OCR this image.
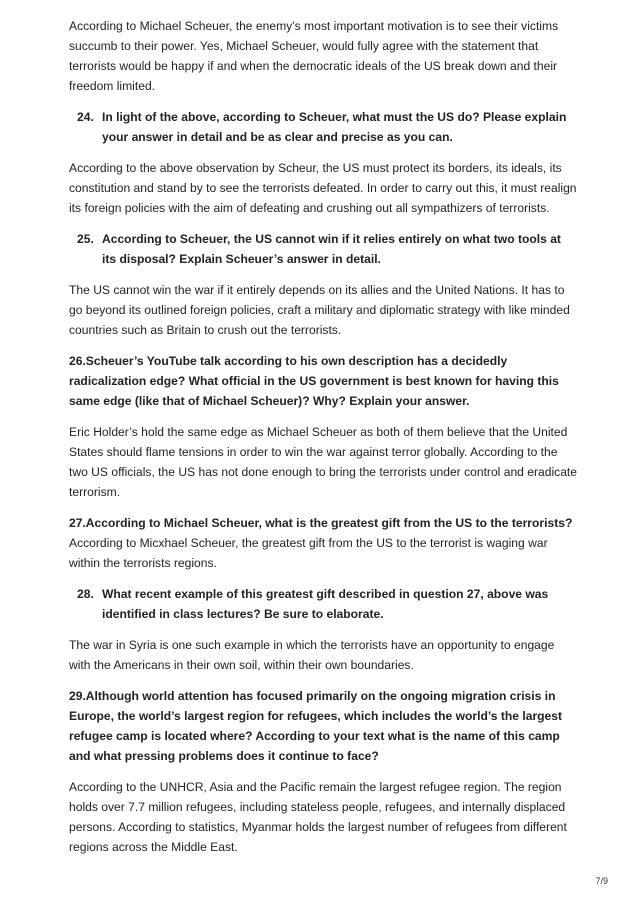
According to Michael Scheuer, the enemy’s most important motivation is to see their victims succumb to their power. Yes, Michael Scheuer, would fully agree with the statement that terrorists would be happy if and when the democratic ideals of the US break down and their freedom limited.

24. In light of the above, according to Scheuer, what must the US do? Please explain your answer in detail and be as clear and precise as you can.

According to the above observation by Scheur, the US must protect its borders, its ideals, its constitution and stand by to see the terrorists defeated. In order to carry out this, it must realign its foreign policies with the aim of defeating and crushing out all sympathizers of terrorists.

25. According to Scheuer, the US cannot win if it relies entirely on what two tools at its disposal? Explain Scheuer’s answer in detail.

The US cannot win the war if it entirely depends on its allies and the United Nations. It has to go beyond its outlined foreign policies, craft a military and diplomatic strategy with like minded countries such as Britain to crush out the terrorists.

26.Scheuer’s YouTube talk according to his own description has a decidedly radicalization edge? What official in the US government is best known for having this same edge (like that of Michael Scheuer)? Why? Explain your answer.

Eric Holder’s hold the same edge as Michael Scheuer as both of them believe that the United States should flame tensions in order to win the war against terror globally. According to the two US officials, the US has not done enough to bring the terrorists under control and eradicate terrorism.

27.According to Michael Scheuer, what is the greatest gift from the US to the terrorists? According to Micxhael Scheuer, the greatest gift from the US to the terrorist is waging war within the terrorists regions.

28. What recent example of this greatest gift described in question 27, above was identified in class lectures? Be sure to elaborate.

The war in Syria is one such example in which the terrorists have an opportunity to engage with the Americans in their own soil, within their own boundaries.

29.Although world attention has focused primarily on the ongoing migration crisis in Europe, the world’s largest region for refugees, which includes the world’s the largest refugee camp is located where? According to your text what is the name of this camp and what pressing problems does it continue to face?

According to the UNHCR, Asia and the Pacific remain the largest refugee region. The region holds over 7.7 million refugees, including stateless people, refugees, and internally displaced persons. According to statistics, Myanmar holds the largest number of refugees from different regions across the Middle East.

7/9
